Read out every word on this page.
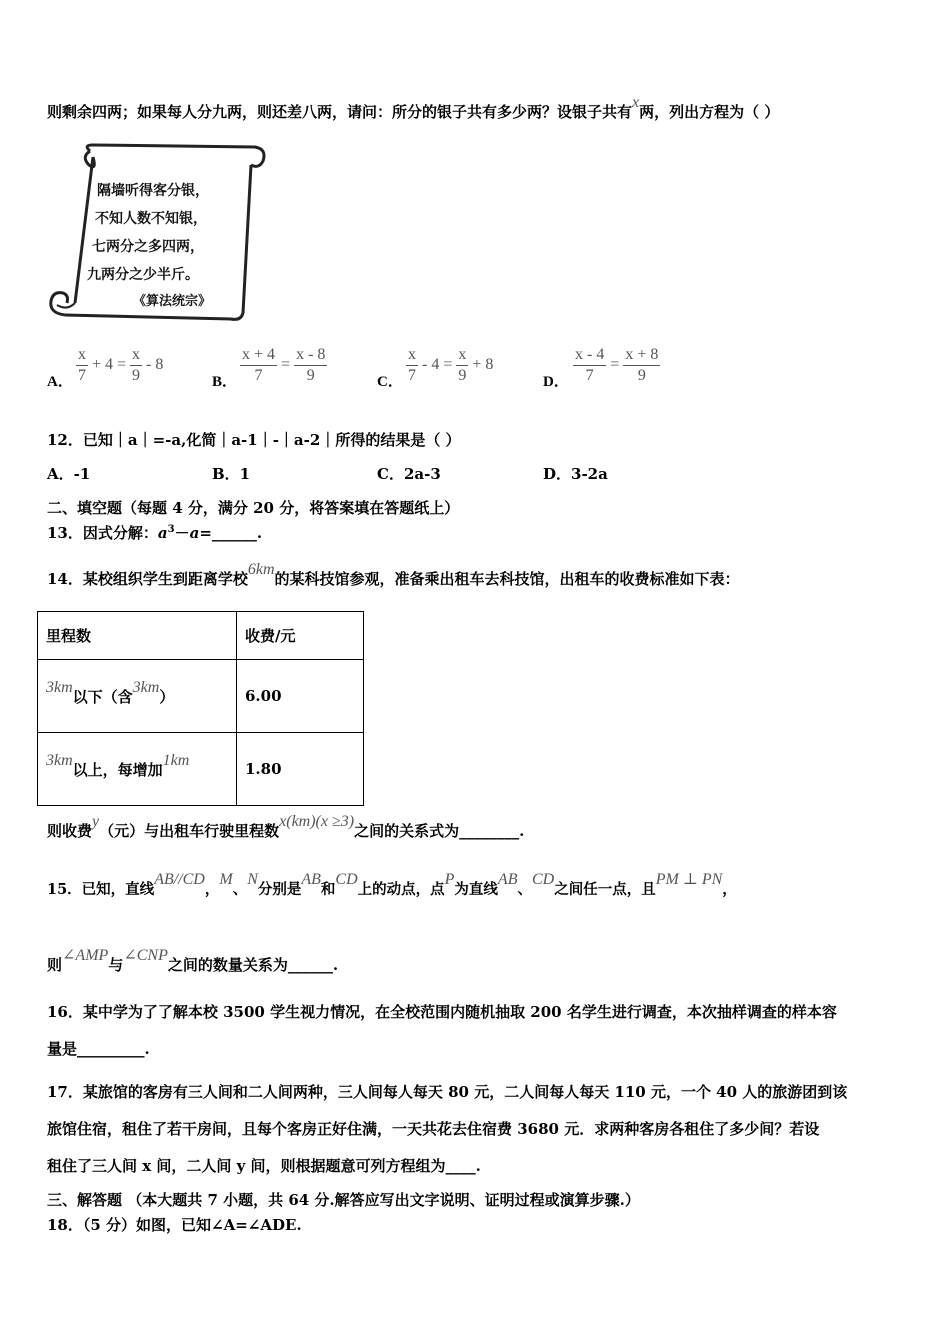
则剩余四两；如果每人分九两，则还差八两，请问：所分的银子共有多少两？设银子共有x两，列出方程为（ ）
隔墙听得客分银，
不知人数不知银，
七两分之多四两，
九两分之少半斤。
《算法统宗》
A． $\frac{x}{7} + 4 = \frac{x}{9} - 8$
B． $\frac{x + 4}{7} = \frac{x - 8}{9}$	C． $\frac{x}{7} - 4 = \frac{x}{9} + 8$
D． $\frac{x - 4}{7} = \frac{x + 8}{9}$
12．已知｜a｜=-a,化简｜a-1｜-｜a-2｜所得的结果是（ ）
A．-1	B．1	C．2a-3	D．3-2a
二、填空题（每题 4 分，满分 20 分，将答案填在答题纸上）
13．因式分解：$a^3-a=\_\_\_\_\_\_$.
14．某校组织学生到距离学校6km的某科技馆参观，准备乘出租车去科技馆，出租车的收费标准如下表：
里程数	收费/元
3km以下（含3km）	6.00
3km以上，每增加1km	1.80
则收费y（元）与出租车行驶里程数x(km)(x ≥3)之间的关系式为________.
15．已知，直线AB//CD，M、N分别是AB和CD上的动点，点P为直线AB、CD之间任一点，且PM ⊥ PN，
则∠AMP与∠CNP之间的数量关系为______.
16．某中学为了了解本校 3500 学生视力情况，在全校范围内随机抽取 200 名学生进行调查，本次抽样调查的样本容
量是_________.
17．某旅馆的客房有三人间和二人间两种，三人间每人每天 80 元，二人间每人每天 110 元，一个 40 人的旅游团到该
旅馆住宿，租住了若干房间，且每个客房正好住满，一天共花去住宿费 3680 元．求两种客房各租住了多少间？若设
租住了三人间 x 间，二人间 y 间，则根据题意可列方程组为____.
三、解答题 （本大题共 7 小题，共 64 分.解答应写出文字说明、证明过程或演算步骤.）
18．（5 分）如图，已知∠A=∠ADE.
